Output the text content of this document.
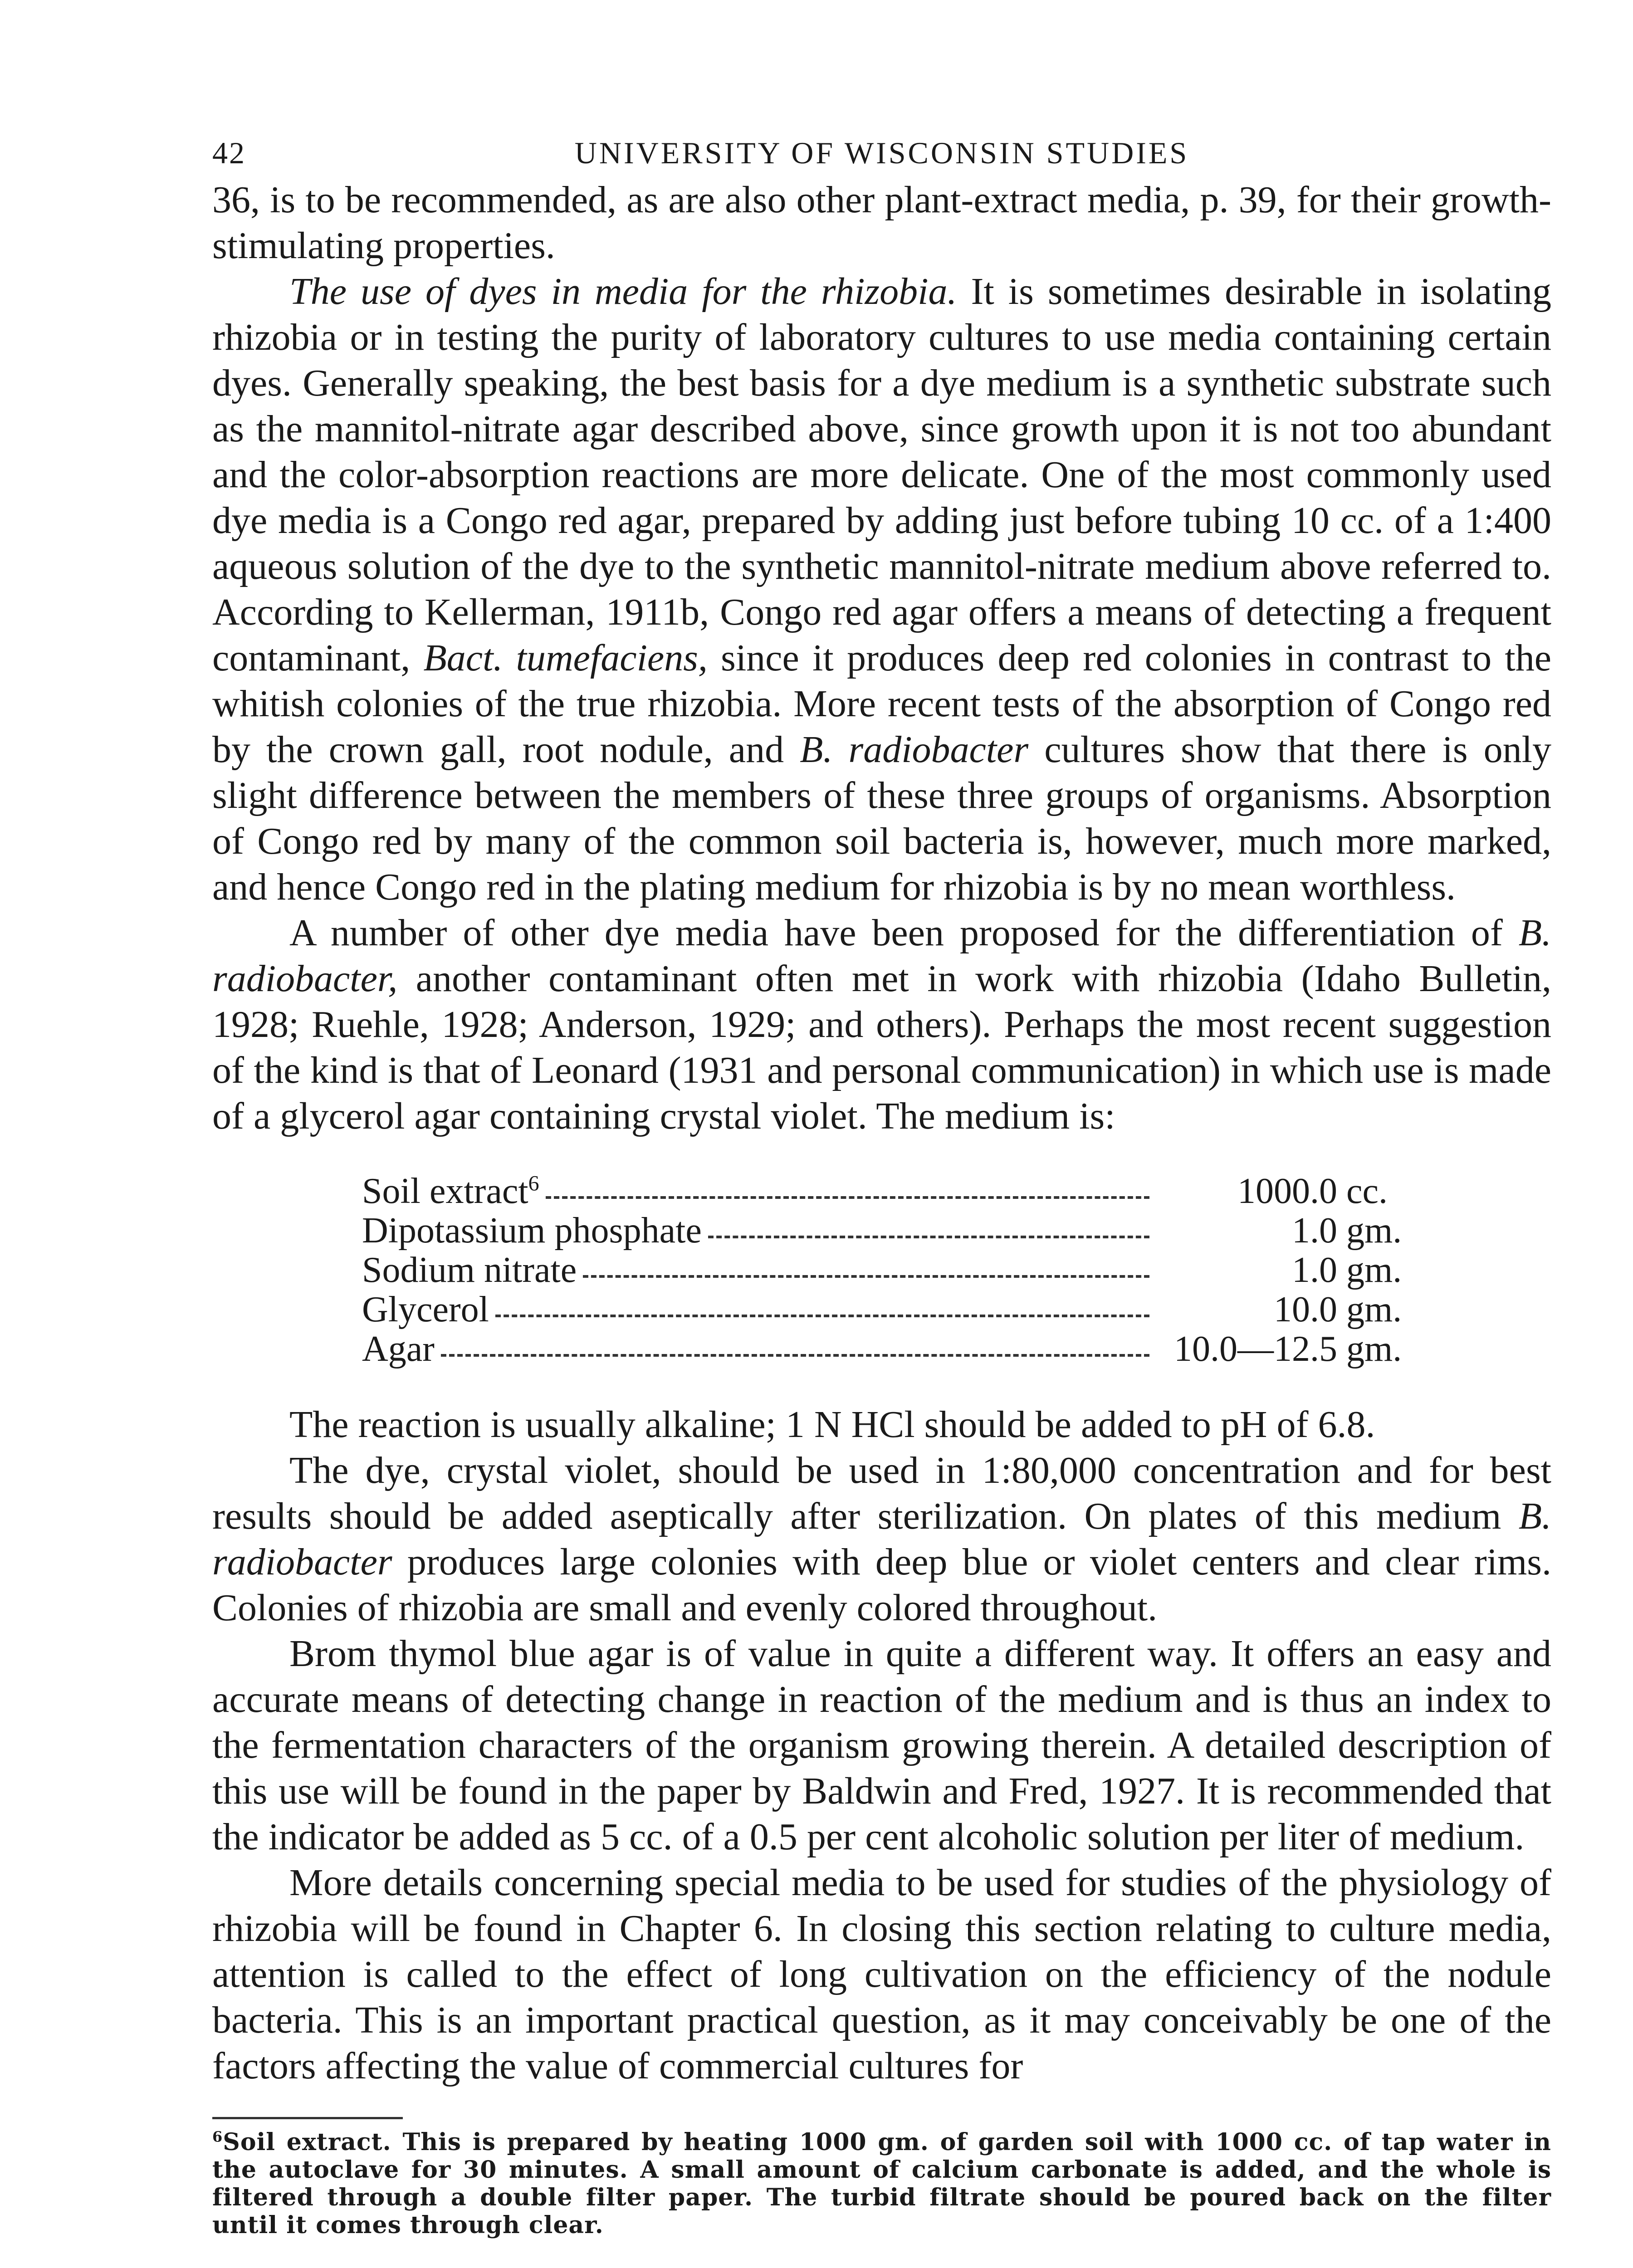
42	UNIVERSITY OF WISCONSIN STUDIES

36, is to be recommended, as are also other plant-extract media, p. 39, for their growth-stimulating properties.

The use of dyes in media for the rhizobia. It is sometimes desirable in isolating rhizobia or in testing the purity of laboratory cultures to use media containing certain dyes. Generally speaking, the best basis for a dye medium is a synthetic substrate such as the mannitol-nitrate agar described above, since growth upon it is not too abundant and the color-absorption reactions are more delicate. One of the most commonly used dye media is a Congo red agar, prepared by adding just before tubing 10 cc. of a 1:400 aqueous solution of the dye to the synthetic mannitol-nitrate medium above referred to. According to Kellerman, 1911b, Congo red agar offers a means of detecting a frequent contaminant, Bact. tumefaciens, since it produces deep red colonies in contrast to the whitish colonies of the true rhizobia. More recent tests of the absorption of Congo red by the crown gall, root nodule, and B. radiobacter cultures show that there is only slight difference between the members of these three groups of organisms. Absorption of Congo red by many of the common soil bacteria is, however, much more marked, and hence Congo red in the plating medium for rhizobia is by no mean worthless.

A number of other dye media have been proposed for the differentiation of B. radiobacter, another contaminant often met in work with rhizobia (Idaho Bulletin, 1928; Ruehle, 1928; Anderson, 1929; and others). Perhaps the most recent suggestion of the kind is that of Leonard (1931 and personal communication) in which use is made of a glycerol agar containing crystal violet. The medium is:

Soil extract$^6$	1000.0 cc.
Dipotassium phosphate	1.0 gm.
Sodium nitrate	1.0 gm.
Glycerol	10.0 gm.
Agar	10.0—12.5 gm.

The reaction is usually alkaline; 1 N HCl should be added to pH of 6.8.

The dye, crystal violet, should be used in 1:80,000 concentration and for best results should be added aseptically after sterilization. On plates of this medium B. radiobacter produces large colonies with deep blue or violet centers and clear rims. Colonies of rhizobia are small and evenly colored throughout.

Brom thymol blue agar is of value in quite a different way. It offers an easy and accurate means of detecting change in reaction of the medium and is thus an index to the fermentation characters of the organism growing therein. A detailed description of this use will be found in the paper by Baldwin and Fred, 1927. It is recommended that the indicator be added as 5 cc. of a 0.5 per cent alcoholic solution per liter of medium.

More details concerning special media to be used for studies of the physiology of rhizobia will be found in Chapter 6. In closing this section relating to culture media, attention is called to the effect of long cultivation on the efficiency of the nodule bacteria. This is an important practical question, as it may conceivably be one of the factors affecting the value of commercial cultures for

$^6$Soil extract. This is prepared by heating 1000 gm. of garden soil with 1000 cc. of tap water in the autoclave for 30 minutes. A small amount of calcium carbonate is added, and the whole is filtered through a double filter paper. The turbid filtrate should be poured back on the filter until it comes through clear.
